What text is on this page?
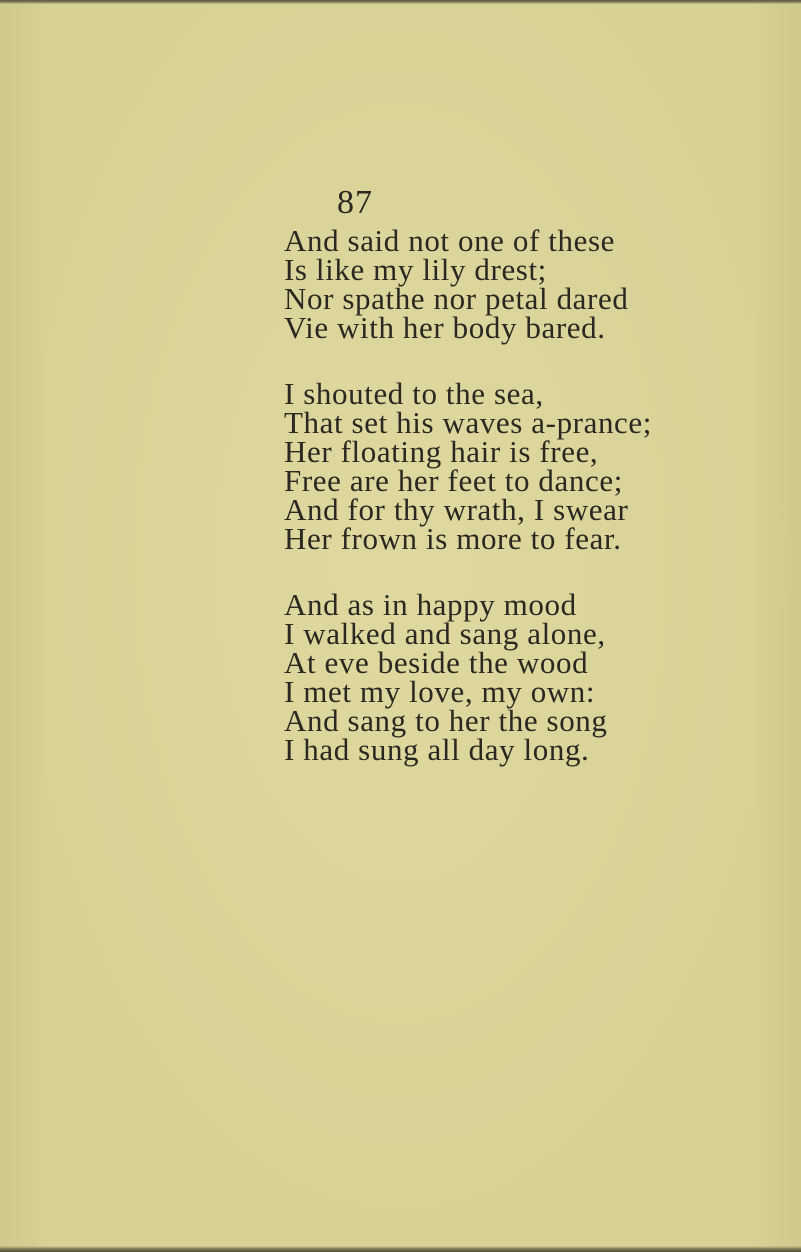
87
And said not one of these
Is like my lily drest;
Nor spathe nor petal dared
Vie with her body bared.
I shouted to the sea,
That set his waves a-prance;
Her floating hair is free,
Free are her feet to dance;
And for thy wrath, I swear
Her frown is more to fear.
And as in happy mood
I walked and sang alone,
At eve beside the wood
I met my love, my own:
And sang to her the song
I had sung all day long.
